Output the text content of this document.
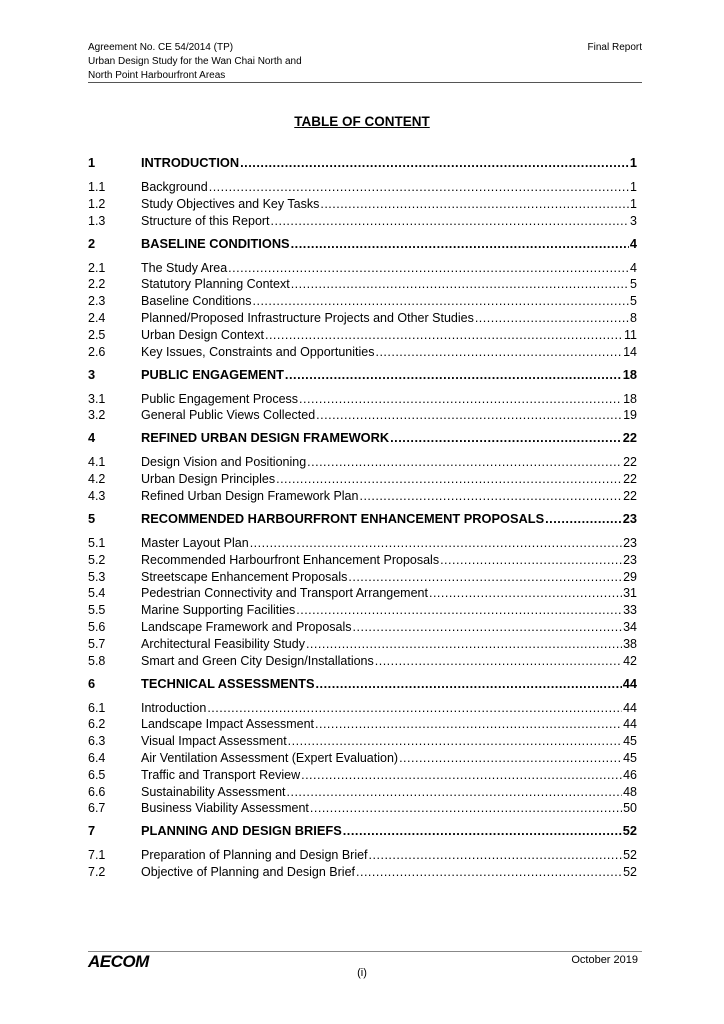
Agreement No. CE 54/2014 (TP)
Urban Design Study for the Wan Chai North and
North Point Harbourfront Areas
Final Report
TABLE OF CONTENT
1	INTRODUCTION .....	1
1.1	Background .....	1
1.2	Study Objectives and Key Tasks .....	1
1.3	Structure of this Report .....	3
2	BASELINE CONDITIONS .....	4
2.1	The Study Area .....	4
2.2	Statutory Planning Context .....	5
2.3	Baseline Conditions .....	5
2.4	Planned/Proposed Infrastructure Projects and Other Studies .....	8
2.5	Urban Design Context .....	11
2.6	Key Issues, Constraints and Opportunities .....	14
3	PUBLIC ENGAGEMENT .....	18
3.1	Public Engagement Process .....	18
3.2	General Public Views Collected .....	19
4	REFINED URBAN DESIGN FRAMEWORK .....	22
4.1	Design Vision and Positioning .....	22
4.2	Urban Design Principles .....	22
4.3	Refined Urban Design Framework Plan .....	22
5	RECOMMENDED HARBOURFRONT ENHANCEMENT PROPOSALS .....	23
5.1	Master Layout Plan .....	23
5.2	Recommended Harbourfront Enhancement Proposals .....	23
5.3	Streetscape Enhancement Proposals .....	29
5.4	Pedestrian Connectivity and Transport Arrangement .....	31
5.5	Marine Supporting Facilities .....	33
5.6	Landscape Framework and Proposals .....	34
5.7	Architectural Feasibility Study .....	38
5.8	Smart and Green City Design/Installations .....	42
6	TECHNICAL ASSESSMENTS .....	44
6.1	Introduction .....	44
6.2	Landscape Impact Assessment .....	44
6.3	Visual Impact Assessment .....	45
6.4	Air Ventilation Assessment (Expert Evaluation) .....	45
6.5	Traffic and Transport Review .....	46
6.6	Sustainability Assessment .....	48
6.7	Business Viability Assessment .....	50
7	PLANNING AND DESIGN BRIEFS .....	52
7.1	Preparation of Planning and Design Brief .....	52
7.2	Objective of Planning and Design Brief .....	52
AECOM	October 2019
(i)
